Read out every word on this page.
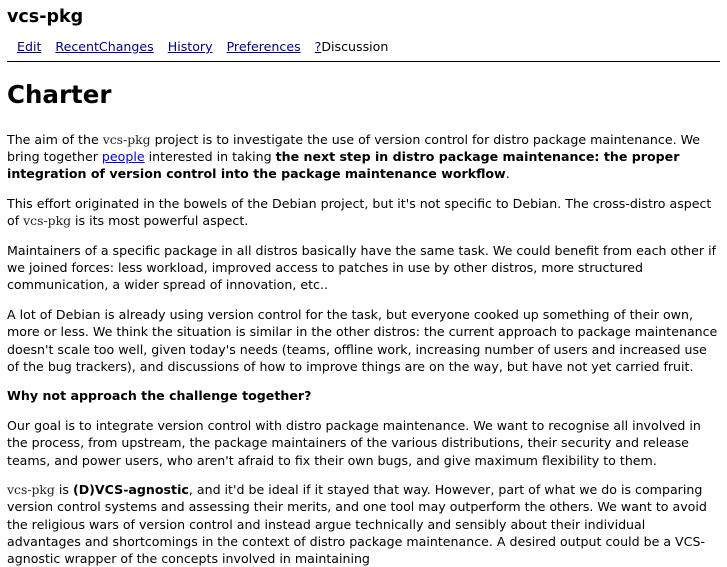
vcs-pkg
Edit RecentChanges History Preferences ?Discussion
Charter

The aim of the vcs-pkg project is to investigate the use of version control for distro package maintenance. We bring together people interested in taking the next step in distro package maintenance: the proper integration of version control into the package maintenance workflow.

This effort originated in the bowels of the Debian project, but it's not specific to Debian. The cross-distro aspect of vcs-pkg is its most powerful aspect.

Maintainers of a specific package in all distros basically have the same task. We could benefit from each other if we joined forces: less workload, improved access to patches in use by other distros, more structured communication, a wider spread of innovation, etc..

A lot of Debian is already using version control for the task, but everyone cooked up something of their own, more or less. We think the situation is similar in the other distros: the current approach to package maintenance doesn't scale too well, given today's needs (teams, offline work, increasing number of users and increased use of the bug trackers), and discussions of how to improve things are on the way, but have not yet carried fruit.

Why not approach the challenge together?

Our goal is to integrate version control with distro package maintenance. We want to recognise all involved in the process, from upstream, the package maintainers of the various distributions, their security and release teams, and power users, who aren't afraid to fix their own bugs, and give maximum flexibility to them.

vcs-pkg is (D)VCS-agnostic, and it'd be ideal if it stayed that way. However, part of what we do is comparing version control systems and assessing their merits, and one tool may outperform the others. We want to avoid the religious wars of version control and instead argue technically and sensibly about their individual advantages and shortcomings in the context of distro package maintenance. A desired output could be a VCS-agnostic wrapper of the concepts involved in maintaining
